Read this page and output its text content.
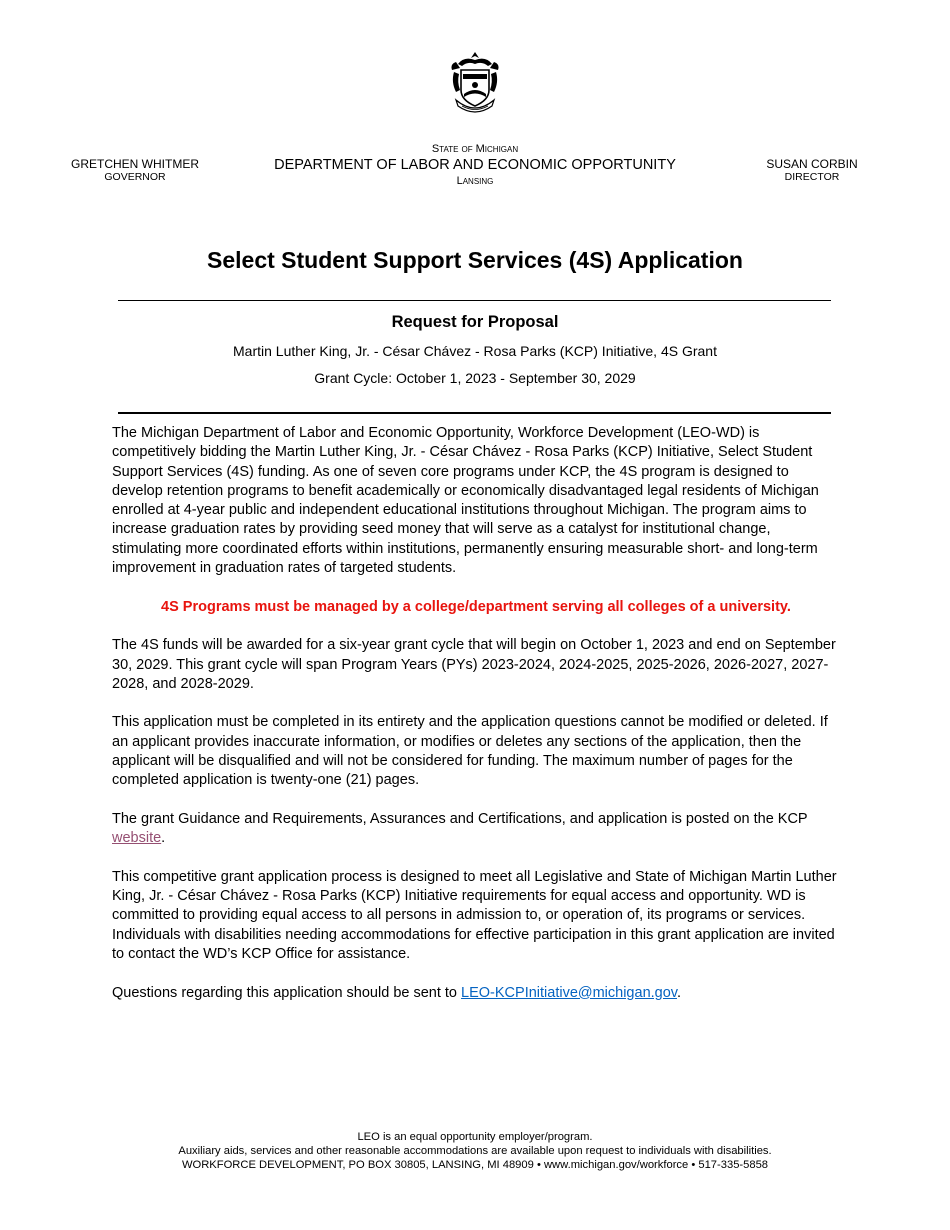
GRETCHEN WHITMER
GOVERNOR
State of Michigan
DEPARTMENT OF LABOR AND ECONOMIC OPPORTUNITY
Lansing
SUSAN CORBIN
DIRECTOR
Select Student Support Services (4S) Application
Request for Proposal
Martin Luther King, Jr. - César Chávez - Rosa Parks (KCP) Initiative, 4S Grant
Grant Cycle: October 1, 2023 - September 30, 2029

The Michigan Department of Labor and Economic Opportunity, Workforce Development (LEO-WD) is competitively bidding the Martin Luther King, Jr. - César Chávez - Rosa Parks (KCP) Initiative, Select Student Support Services (4S) funding. As one of seven core programs under KCP, the 4S program is designed to develop retention programs to benefit academically or economically disadvantaged legal residents of Michigan enrolled at 4-year public and independent educational institutions throughout Michigan. The program aims to increase graduation rates by providing seed money that will serve as a catalyst for institutional change, stimulating more coordinated efforts within institutions, permanently ensuring measurable short- and long-term improvement in graduation rates of targeted students.

4S Programs must be managed by a college/department serving all colleges of a university.

The 4S funds will be awarded for a six-year grant cycle that will begin on October 1, 2023 and end on September 30, 2029. This grant cycle will span Program Years (PYs) 2023-2024, 2024-2025, 2025-2026, 2026-2027, 2027-2028, and 2028-2029.

This application must be completed in its entirety and the application questions cannot be modified or deleted. If an applicant provides inaccurate information, or modifies or deletes any sections of the application, then the applicant will be disqualified and will not be considered for funding. The maximum number of pages for the completed application is twenty-one (21) pages.

The grant Guidance and Requirements, Assurances and Certifications, and application is posted on the KCP website.

This competitive grant application process is designed to meet all Legislative and State of Michigan Martin Luther King, Jr. - César Chávez - Rosa Parks (KCP) Initiative requirements for equal access and opportunity. WD is committed to providing equal access to all persons in admission to, or operation of, its programs or services. Individuals with disabilities needing accommodations for effective participation in this grant application are invited to contact the WD’s KCP Office for assistance.

Questions regarding this application should be sent to LEO-KCPInitiative@michigan.gov.

LEO is an equal opportunity employer/program.
Auxiliary aids, services and other reasonable accommodations are available upon request to individuals with disabilities.
WORKFORCE DEVELOPMENT, PO BOX 30805, LANSING, MI 48909 • www.michigan.gov/workforce • 517-335-5858
